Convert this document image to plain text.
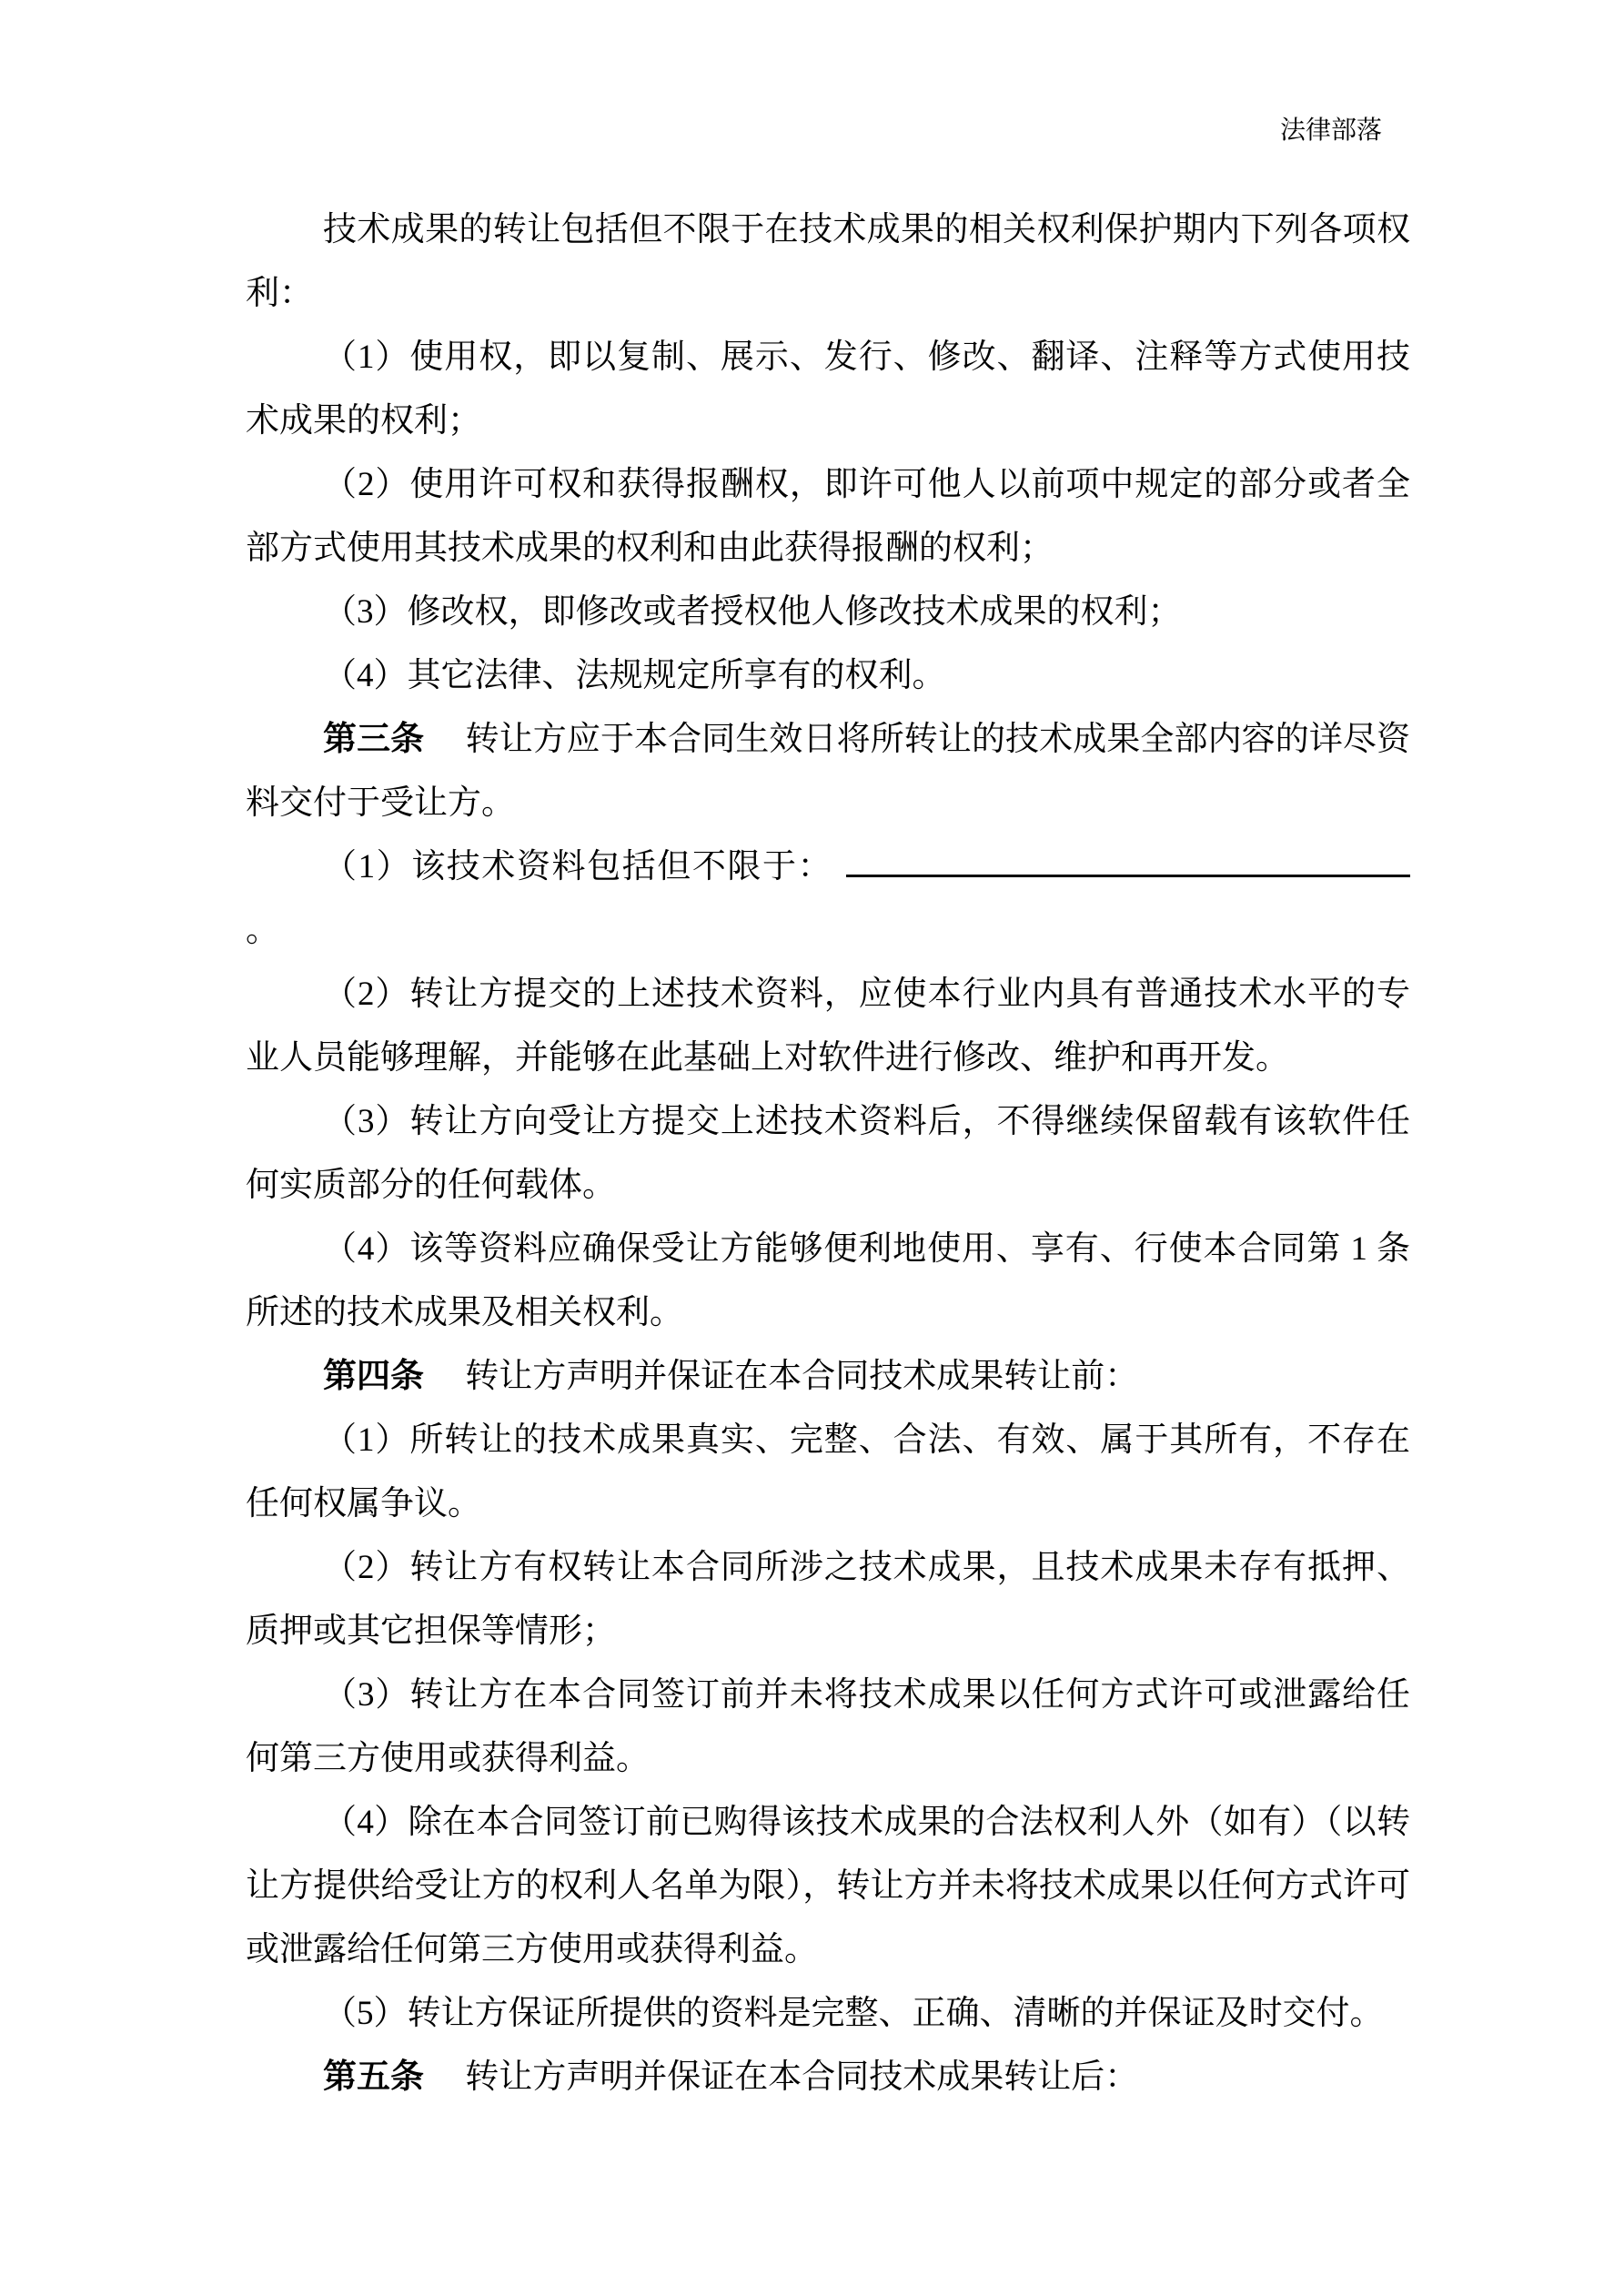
法律部落

技术成果的转让包括但不限于在技术成果的相关权利保护期内下列各项权利：

（1）使用权，即以复制、展示、发行、修改、翻译、注释等方式使用技术成果的权利；

（2）使用许可权和获得报酬权，即许可他人以前项中规定的部分或者全部方式使用其技术成果的权利和由此获得报酬的权利；

（3）修改权，即修改或者授权他人修改技术成果的权利；

（4）其它法律、法规规定所享有的权利。

第三条 转让方应于本合同生效日将所转让的技术成果全部内容的详尽资料交付于受让方。

（1）该技术资料包括但不限于：  。

（2）转让方提交的上述技术资料，应使本行业内具有普通技术水平的专业人员能够理解，并能够在此基础上对软件进行修改、维护和再开发。

（3）转让方向受让方提交上述技术资料后，不得继续保留载有该软件任何实质部分的任何载体。

（4）该等资料应确保受让方能够便利地使用、享有、行使本合同第 1 条所述的技术成果及相关权利。

第四条 转让方声明并保证在本合同技术成果转让前：

（1）所转让的技术成果真实、完整、合法、有效、属于其所有，不存在任何权属争议。

（2）转让方有权转让本合同所涉之技术成果，且技术成果未存有抵押、质押或其它担保等情形；

（3）转让方在本合同签订前并未将技术成果以任何方式许可或泄露给任何第三方使用或获得利益。

（4）除在本合同签订前已购得该技术成果的合法权利人外（如有）（以转让方提供给受让方的权利人名单为限），转让方并未将技术成果以任何方式许可或泄露给任何第三方使用或获得利益。

（5）转让方保证所提供的资料是完整、正确、清晰的并保证及时交付。

第五条 转让方声明并保证在本合同技术成果转让后：
